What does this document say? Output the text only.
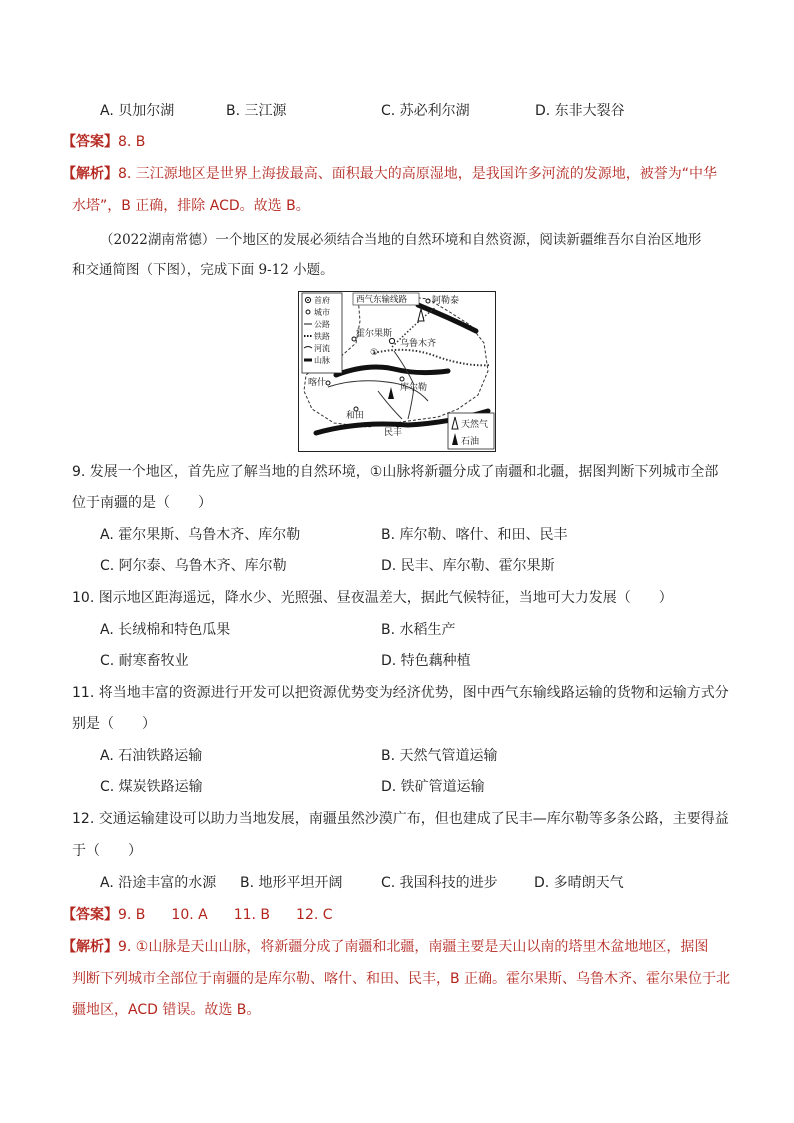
A. 贝加尔湖	B. 三江源	C. 苏必利尔湖	D. 东非大裂谷
【答案】8. B
【解析】8. 三江源地区是世界上海拔最高、面积最大的高原湿地，是我国许多河流的发源地，被誉为“中华
水塔”，B 正确，排除 ACD。故选 B。
（2022湖南常德）一个地区的发展必须结合当地的自然环境和自然资源，阅读新疆维吾尔自治区地形
和交通简图（下图），完成下面 9-12 小题。
首府
城市
公路
铁路
河流
山脉
西气东输线路	阿勒泰
霍尔果斯
乌鲁木齐
①
喀什	库尔勒
和田
民丰
天然气
石油
9. 发展一个地区，首先应了解当地的自然环境，①山脉将新疆分成了南疆和北疆，据图判断下列城市全部
位于南疆的是（　　）
A. 霍尔果斯、乌鲁木齐、库尔勒	B. 库尔勒、喀什、和田、民丰
C. 阿尔泰、乌鲁木齐、库尔勒	D. 民丰、库尔勒、霍尔果斯
10. 图示地区距海遥远，降水少、光照强、昼夜温差大，据此气候特征，当地可大力发展（　　）
A. 长绒棉和特色瓜果	B. 水稻生产
C. 耐寒畜牧业	D. 特色藕种植
11. 将当地丰富的资源进行开发可以把资源优势变为经济优势，图中西气东输线路运输的货物和运输方式分
别是（　　）
A. 石油铁路运输	B. 天然气管道运输
C. 煤炭铁路运输	D. 铁矿管道运输
12. 交通运输建设可以助力当地发展，南疆虽然沙漠广布，但也建成了民丰—库尔勒等多条公路，主要得益
于（　　）
A. 沿途丰富的水源 B. 地形平坦开阔	C. 我国科技的进步	D. 多晴朗天气
【答案】9. B 10. A 11. B 12. C
【解析】9. ①山脉是天山山脉，将新疆分成了南疆和北疆，南疆主要是天山以南的塔里木盆地地区，据图
判断下列城市全部位于南疆的是库尔勒、喀什、和田、民丰，B 正确。霍尔果斯、乌鲁木齐、霍尔果位于北
疆地区，ACD 错误。故选 B。
